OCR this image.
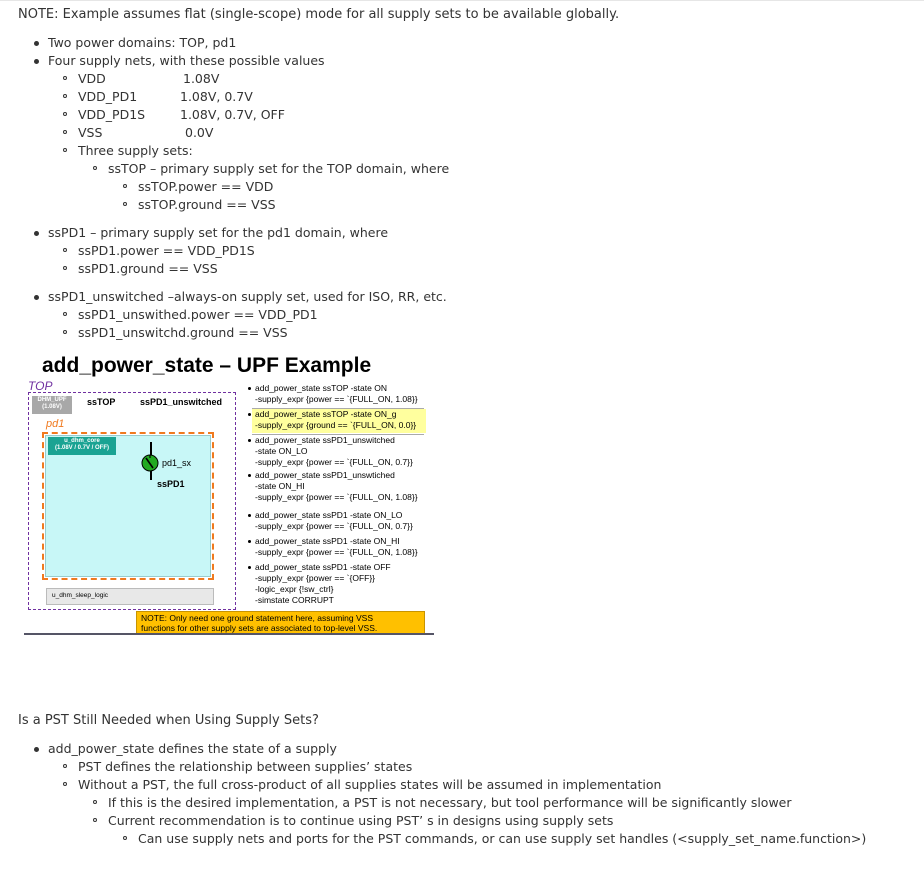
NOTE: Example assumes flat (single-scope) mode for all supply sets to be available globally.
Two power domains: TOP, pd1
Four supply nets, with these possible values
VDD	1.08V
VDD_PD1	1.08V, 0.7V
VDD_PD1S	1.08V, 0.7V, OFF
VSS	0.0V
Three supply sets:
ssTOP – primary supply set for the TOP domain, where
ssTOP.power == VDD
ssTOP.ground == VSS
ssPD1 – primary supply set for the pd1 domain, where
ssPD1.power == VDD_PD1S
ssPD1.ground == VSS
ssPD1_unswitched –always-on supply set, used for ISO, RR, etc.
ssPD1_unswithed.power == VDD_PD1
ssPD1_unswitchd.ground == VSS
add_power_state – UPF Example
TOP
DHM_UPF
(1.08V)	ssTOP	ssPD1_unswitched
pd1
u_dhm_core
(1.08V / 0.7V / OFF)
pd1_sx
ssPD1
u_dhm_sleep_logic
add_power_state ssTOP -state ON
-supply_expr {power == `{FULL_ON, 1.08}}
add_power_state ssTOP -state ON_g
-supply_expr {ground == `{FULL_ON, 0.0}}
add_power_state ssPD1_unswitched
-state ON_LO
-supply_expr {power == `{FULL_ON, 0.7}}
add_power_state ssPD1_unswtiched
-state ON_HI
-supply_expr {power == `{FULL_ON, 1.08}}
add_power_state ssPD1 -state ON_LO
-supply_expr {power == `{FULL_ON, 0.7}}
add_power_state ssPD1 -state ON_HI
-supply_expr {power == `{FULL_ON, 1.08}}
add_power_state ssPD1 -state OFF
-supply_expr {power == `{OFF}}
-logic_expr {!sw_ctrl}
-simstate CORRUPT
NOTE: Only need one ground statement here, assuming VSS
functions for other supply sets are associated to top-level VSS.
Is a PST Still Needed when Using Supply Sets?
add_power_state defines the state of a supply
PST defines the relationship between supplies’ states
Without a PST, the full cross-product of all supplies states will be assumed in implementation
If this is the desired implementation, a PST is not necessary, but tool performance will be significantly slower
Current recommendation is to continue using PST’ s in designs using supply sets
Can use supply nets and ports for the PST commands, or can use supply set handles (<supply_set_name.function>)
